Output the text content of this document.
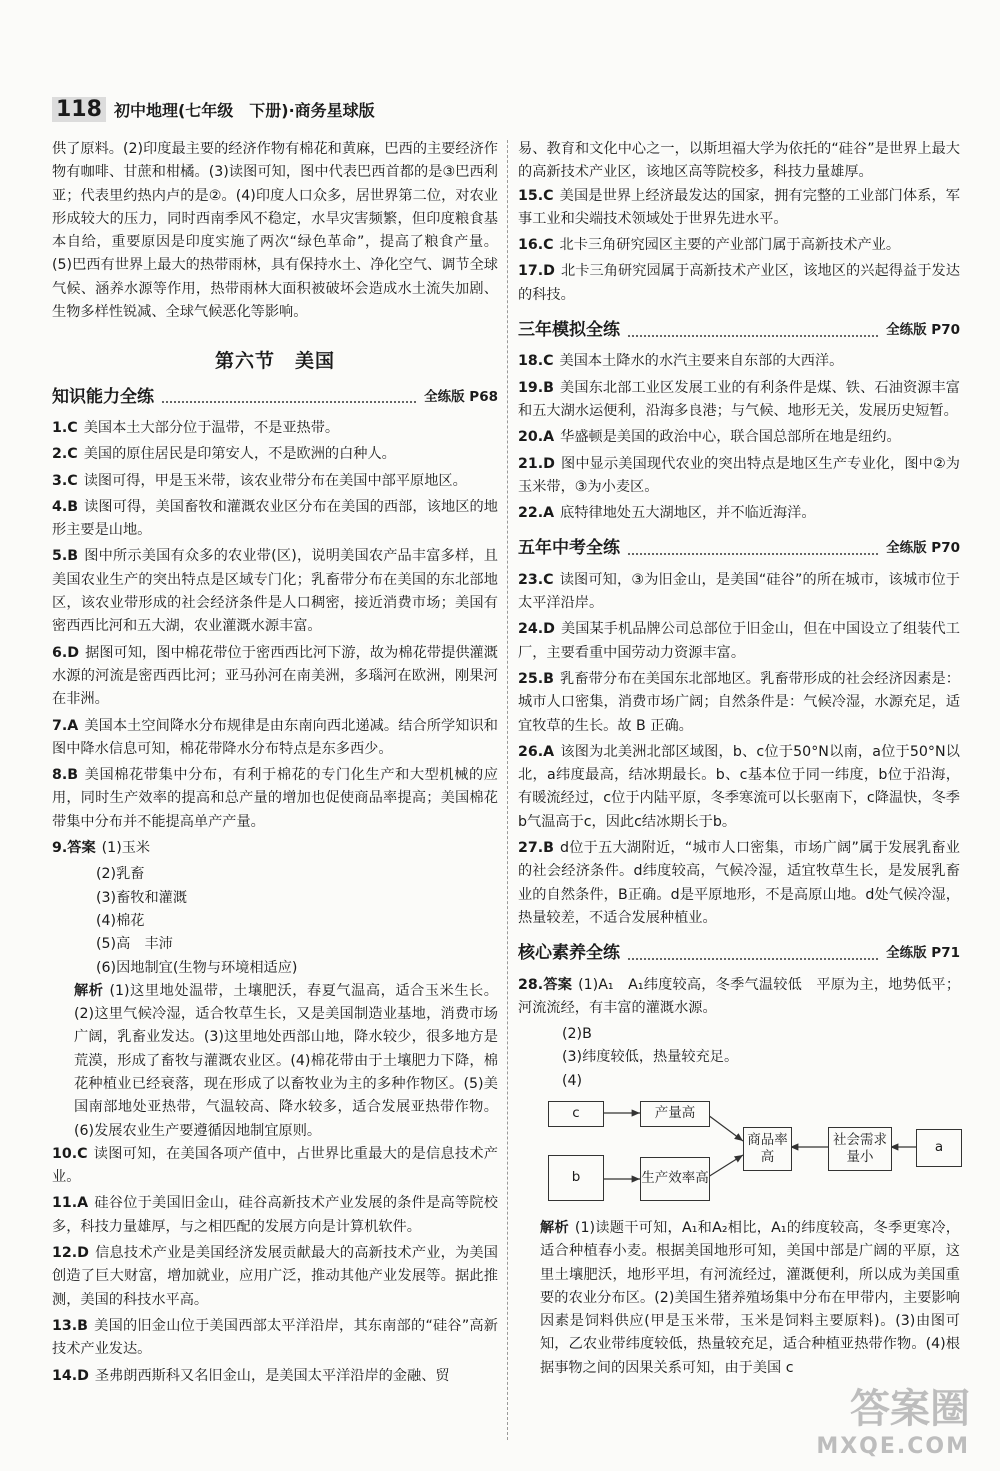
118 初中地理(七年级　下册)·商务星球版

供了原料。(2)印度最主要的经济作物有棉花和黄麻，巴西的主要经济作物有咖啡、甘蔗和柑橘。(3)读图可知，图中代表巴西首都的是③巴西利亚；代表里约热内卢的是②。(4)印度人口众多，居世界第二位，对农业形成较大的压力，同时西南季风不稳定，水旱灾害频繁，但印度粮食基本自给，重要原因是印度实施了两次“绿色革命”，提高了粮食产量。(5)巴西有世界上最大的热带雨林，具有保持水土、净化空气、调节全球气候、涵养水源等作用，热带雨林大面积被破坏会造成水土流失加剧、生物多样性锐减、全球气候恶化等影响。

第六节　美国
知识能力全练	全练版 P68

1.C 美国本土大部分位于温带，不是亚热带。

2.C 美国的原住居民是印第安人，不是欧洲的白种人。

3.C 读图可得，甲是玉米带，该农业带分布在美国中部平原地区。

4.B 读图可得，美国畜牧和灌溉农业区分布在美国的西部，该地区的地形主要是山地。

5.B 图中所示美国有众多的农业带(区)，说明美国农产品丰富多样，且美国农业生产的突出特点是区域专门化；乳畜带分布在美国的东北部地区，该农业带形成的社会经济条件是人口稠密，接近消费市场；美国有密西西比河和五大湖，农业灌溉水源丰富。

6.D 据图可知，图中棉花带位于密西西比河下游，故为棉花带提供灌溉水源的河流是密西西比河；亚马孙河在南美洲，多瑙河在欧洲，刚果河在非洲。

7.A 美国本土空间降水分布规律是由东南向西北递减。结合所学知识和图中降水信息可知，棉花带降水分布特点是东多西少。

8.B 美国棉花带集中分布，有利于棉花的专门化生产和大型机械的应用，同时生产效率的提高和总产量的增加也促使商品率提高；美国棉花带集中分布并不能提高单产产量。

9.答案 (1)玉米

(2)乳畜

(3)畜牧和灌溉

(4)棉花

(5)高　丰沛

(6)因地制宜(生物与环境相适应)

解析 (1)这里地处温带，土壤肥沃，春夏气温高，适合玉米生长。(2)这里气候冷湿，适合牧草生长，又是美国制造业基地，消费市场广阔，乳畜业发达。(3)这里地处西部山地，降水较少，很多地方是荒漠，形成了畜牧与灌溉农业区。(4)棉花带由于土壤肥力下降，棉花种植业已经衰落，现在形成了以畜牧业为主的多种作物区。(5)美国南部地处亚热带，气温较高、降水较多，适合发展亚热带作物。(6)发展农业生产要遵循因地制宜原则。

10.C 读图可知，在美国各项产值中，占世界比重最大的是信息技术产业。

11.A 硅谷位于美国旧金山，硅谷高新技术产业发展的条件是高等院校多，科技力量雄厚，与之相匹配的发展方向是计算机软件。

12.D 信息技术产业是美国经济发展贡献最大的高新技术产业，为美国创造了巨大财富，增加就业，应用广泛，推动其他产业发展等。据此推测，美国的科技水平高。

13.B 美国的旧金山位于美国西部太平洋沿岸，其东南部的“硅谷”高新技术产业发达。

14.D 圣弗朗西斯科又名旧金山，是美国太平洋沿岸的金融、贸

易、教育和文化中心之一，以斯坦福大学为依托的“硅谷”是世界上最大的高新技术产业区，该地区高等院校多，科技力量雄厚。

15.C 美国是世界上经济最发达的国家，拥有完整的工业部门体系，军事工业和尖端技术领域处于世界先进水平。

16.C 北卡三角研究园区主要的产业部门属于高新技术产业。

17.D 北卡三角研究园属于高新技术产业区，该地区的兴起得益于发达的科技。

三年模拟全练	全练版 P70

18.C 美国本土降水的水汽主要来自东部的大西洋。

19.B 美国东北部工业区发展工业的有利条件是煤、铁、石油资源丰富和五大湖水运便利，沿海多良港；与气候、地形无关，发展历史短暂。

20.A 华盛顿是美国的政治中心，联合国总部所在地是纽约。

21.D 图中显示美国现代农业的突出特点是地区生产专业化，图中②为玉米带，③为小麦区。

22.A 底特律地处五大湖地区，并不临近海洋。

五年中考全练	全练版 P70

23.C 读图可知，③为旧金山，是美国“硅谷”的所在城市，该城市位于太平洋沿岸。

24.D 美国某手机品牌公司总部位于旧金山，但在中国设立了组装代工厂，主要看重中国劳动力资源丰富。

25.B 乳畜带分布在美国东北部地区。乳畜带形成的社会经济因素是：城市人口密集，消费市场广阔；自然条件是：气候冷湿，水源充足，适宜牧草的生长。故 B 正确。

26.A 该图为北美洲北部区域图，b、c位于50°N以南，a位于50°N以北，a纬度最高，结冰期最长。b、c基本位于同一纬度，b位于沿海，有暖流经过，c位于内陆平原，冬季寒流可以长驱南下，c降温快，冬季b气温高于c，因此c结冰期长于b。

27.B d位于五大湖附近，“城市人口密集，市场广阔”属于发展乳畜业的社会经济条件。d纬度较高，气候冷湿，适宜牧草生长，是发展乳畜业的自然条件，B正确。d是平原地形，不是高原山地。d处气候冷湿，热量较差，不适合发展种植业。

核心素养全练	全练版 P71

28.答案 (1)A₁　A₁纬度较高，冬季气温较低　平原为主，地势低平；河流流经，有丰富的灌溉水源。

(2)B

(3)纬度较低，热量较充足。

(4)

c
b
产量高
生产效率高
商品率高
社会需求量小
a

解析 (1)读题干可知，A₁和A₂相比，A₁的纬度较高，冬季更寒冷，适合种植春小麦。根据美国地形可知，美国中部是广阔的平原，这里土壤肥沃，地形平坦，有河流经过，灌溉便利，所以成为美国重要的农业分布区。(2)美国生猪养殖场集中分布在甲带内，主要影响因素是饲料供应(甲是玉米带，玉米是饲料主要原料)。(3)由图可知，乙农业带纬度较低，热量较充足，适合种植亚热带作物。(4)根据事物之间的因果关系可知，由于美国 c

答案圈
MXQE.COM
